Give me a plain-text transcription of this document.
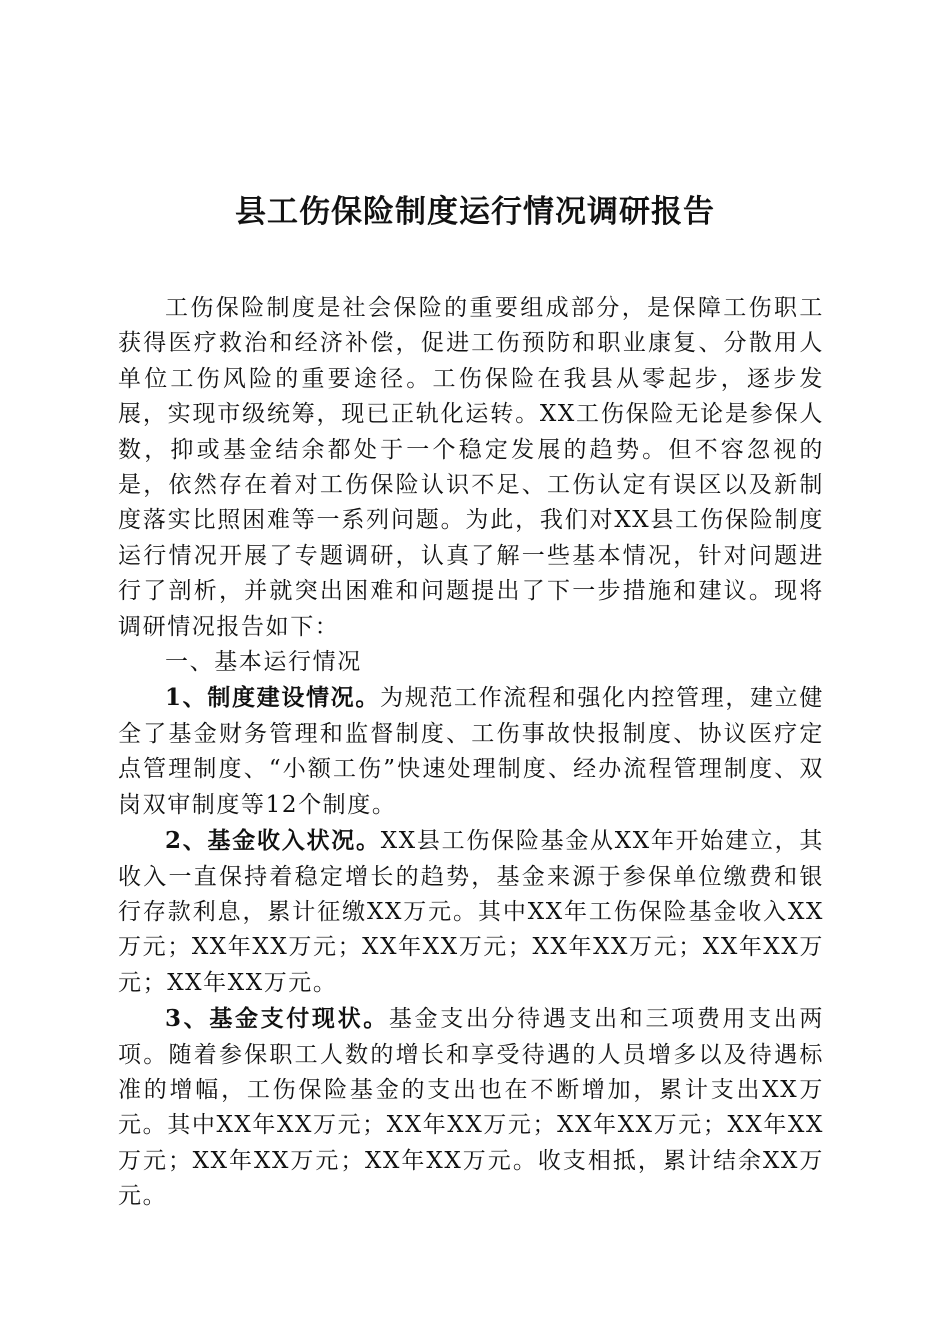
县工伤保险制度运行情况调研报告

工伤保险制度是社会保险的重要组成部分，是保障工伤职工获得医疗救治和经济补偿，促进工伤预防和职业康复、分散用人单位工伤风险的重要途径。工伤保险在我县从零起步，逐步发展，实现市级统筹，现已正轨化运转。XX工伤保险无论是参保人数，抑或基金结余都处于一个稳定发展的趋势。但不容忽视的是，依然存在着对工伤保险认识不足、工伤认定有误区以及新制度落实比照困难等一系列问题。为此，我们对XX县工伤保险制度运行情况开展了专题调研，认真了解一些基本情况，针对问题进行了剖析，并就突出困难和问题提出了下一步措施和建议。现将调研情况报告如下：

一、基本运行情况

1、制度建设情况。为规范工作流程和强化内控管理，建立健全了基金财务管理和监督制度、工伤事故快报制度、协议医疗定点管理制度、“小额工伤”快速处理制度、经办流程管理制度、双岗双审制度等12个制度。

2、基金收入状况。XX县工伤保险基金从XX年开始建立，其收入一直保持着稳定增长的趋势，基金来源于参保单位缴费和银行存款利息，累计征缴XX万元。其中XX年工伤保险基金收入XX万元；XX年XX万元；XX年XX万元；XX年XX万元；XX年XX万元；XX年XX万元。

3、基金支付现状。基金支出分待遇支出和三项费用支出两项。随着参保职工人数的增长和享受待遇的人员增多以及待遇标准的增幅，工伤保险基金的支出也在不断增加，累计支出XX万元。其中XX年XX万元；XX年XX万元；XX年XX万元；XX年XX万元；XX年XX万元；XX年XX万元。收支相抵，累计结余XX万元。
